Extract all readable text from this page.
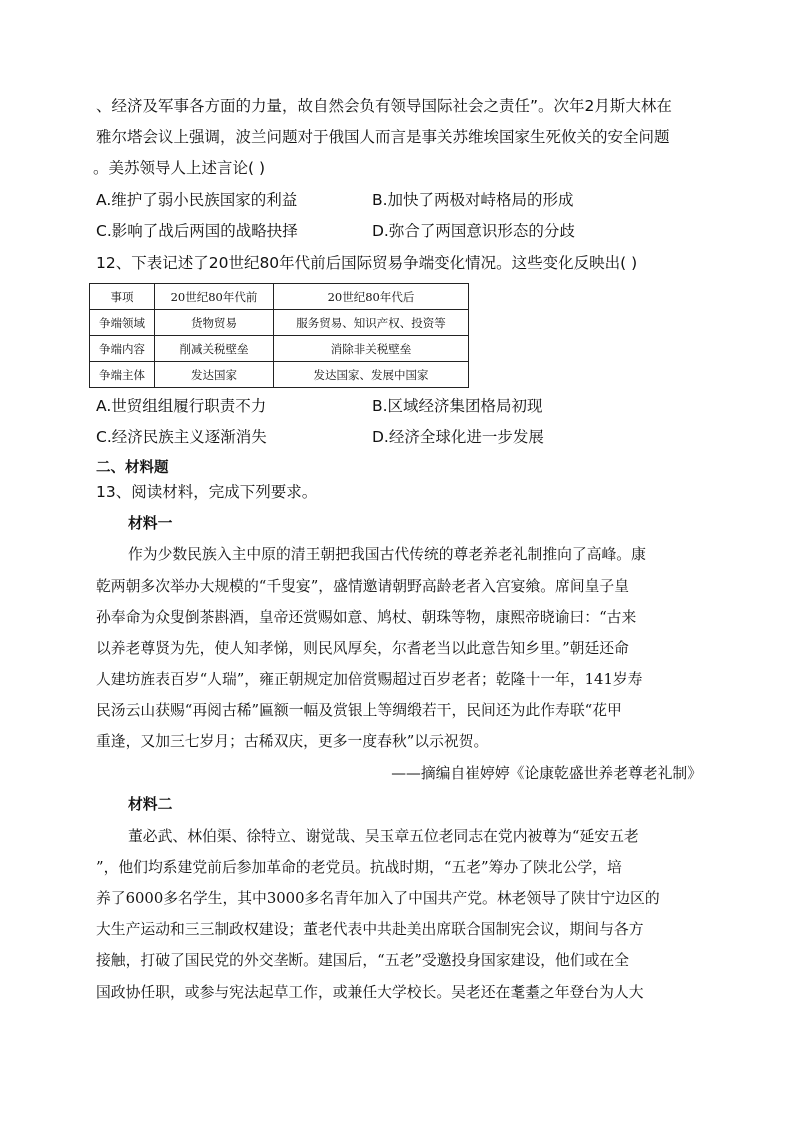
、经济及军事各方面的力量，故自然会负有领导国际社会之责任”。次年2月斯大林在
雅尔塔会议上强调，波兰问题对于俄国人而言是事关苏维埃国家生死攸关的安全问题
。美苏领导人上述言论( )
A.维护了弱小民族国家的利益	B.加快了两极对峙格局的形成
C.影响了战后两国的战略抉择	D.弥合了两国意识形态的分歧
12、下表记述了20世纪80年代前后国际贸易争端变化情况。这些变化反映出( )
事项	20世纪80年代前	20世纪80年代后
争端领域	货物贸易	服务贸易、知识产权、投资等
争端内容	削减关税壁垒	消除非关税壁垒
争端主体	发达国家	发达国家、发展中国家
A.世贸组组履行职责不力	B.区域经济集团格局初现
C.经济民族主义逐渐消失	D.经济全球化进一步发展
二、材料题
13、阅读材料，完成下列要求。
材料一
作为少数民族入主中原的清王朝把我国古代传统的尊老养老礼制推向了高峰。康
乾两朝多次举办大规模的“千叟宴”，盛情邀请朝野高龄老者入宫宴飨。席间皇子皇
孙奉命为众叟倒茶斟酒，皇帝还赏赐如意、鸠杖、朝珠等物，康熙帝晓谕曰：“古来
以养老尊贤为先，使人知孝悌，则民风厚矣，尔耆老当以此意告知乡里。”朝廷还命
人建坊旌表百岁“人瑞”，雍正朝规定加倍赏赐超过百岁老者；乾隆十一年，141岁寿
民汤云山获赐“再阅古稀”匾额一幅及赏银上等绸缎若干，民间还为此作寿联“花甲
重逢，又加三七岁月；古稀双庆，更多一度春秋”以示祝贺。
——摘编自崔婷婷《论康乾盛世养老尊老礼制》
材料二
董必武、林伯渠、徐特立、谢觉哉、吴玉章五位老同志在党内被尊为“延安五老
”，他们均系建党前后参加革命的老党员。抗战时期，“五老”筹办了陕北公学，培
养了6000多名学生，其中3000多名青年加入了中国共产党。林老领导了陕甘宁边区的
大生产运动和三三制政权建设；董老代表中共赴美出席联合国制宪会议，期间与各方
接触，打破了国民党的外交垄断。建国后，“五老”受邀投身国家建设，他们或在全
国政协任职，或参与宪法起草工作，或兼任大学校长。吴老还在耄耋之年登台为人大
